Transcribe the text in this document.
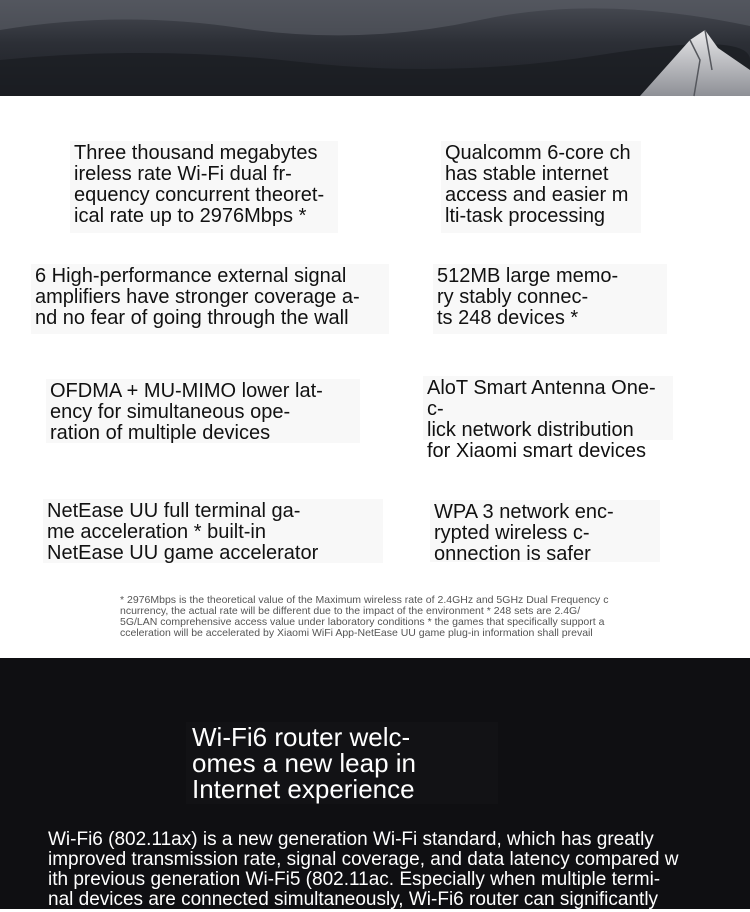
Three thousand megabytes
ireless rate Wi-Fi dual fr-
equency concurrent theoret-
ical rate up to 2976Mbps *
Qualcomm 6-core ch
has stable internet
access and easier m
lti-task processing
6 High-performance external signal
amplifiers have stronger coverage a-
nd no fear of going through the wall
512MB large memo-
ry stably connec-
ts 248 devices *
OFDMA + MU-MIMO lower lat-
ency for simultaneous ope-
ration of multiple devices
AloT Smart Antenna One-c-
lick network distribution
for Xiaomi smart devices
NetEase UU full terminal ga-
me acceleration * built-in
NetEase UU game accelerator
WPA 3 network enc-
rypted wireless c-
onnection is safer
* 2976Mbps is the theoretical value of the Maximum wireless rate of 2.4GHz and 5GHz Dual Frequency c
ncurrency, the actual rate will be different due to the impact of the environment * 248 sets are 2.4G/
5G/LAN comprehensive access value under laboratory conditions * the games that specifically support a
cceleration will be accelerated by Xiaomi WiFi App-NetEase UU game plug-in information shall prevail
Wi-Fi6 router welc-
omes a new leap in
Internet experience
Wi-Fi6 (802.11ax) is a new generation Wi-Fi standard, which has greatly
improved transmission rate, signal coverage, and data latency compared w
ith previous generation Wi-Fi5 (802.11ac. Especially when multiple termi-
nal devices are connected simultaneously, Wi-Fi6 router can significantly
